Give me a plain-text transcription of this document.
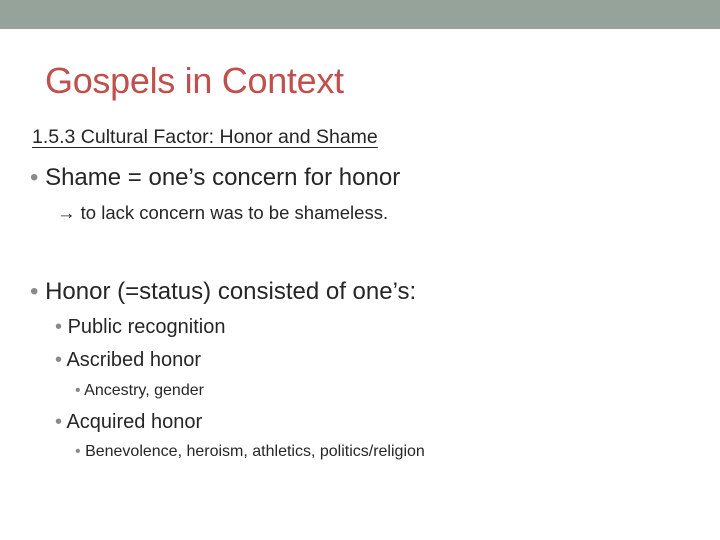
Gospels in Context
1.5.3 Cultural Factor: Honor and Shame
• Shame = one’s concern for honor
→ to lack concern was to be shameless.
• Honor (=status) consisted of one’s:
• Public recognition
• Ascribed honor
• Ancestry, gender
• Acquired honor
• Benevolence, heroism, athletics, politics/religion
